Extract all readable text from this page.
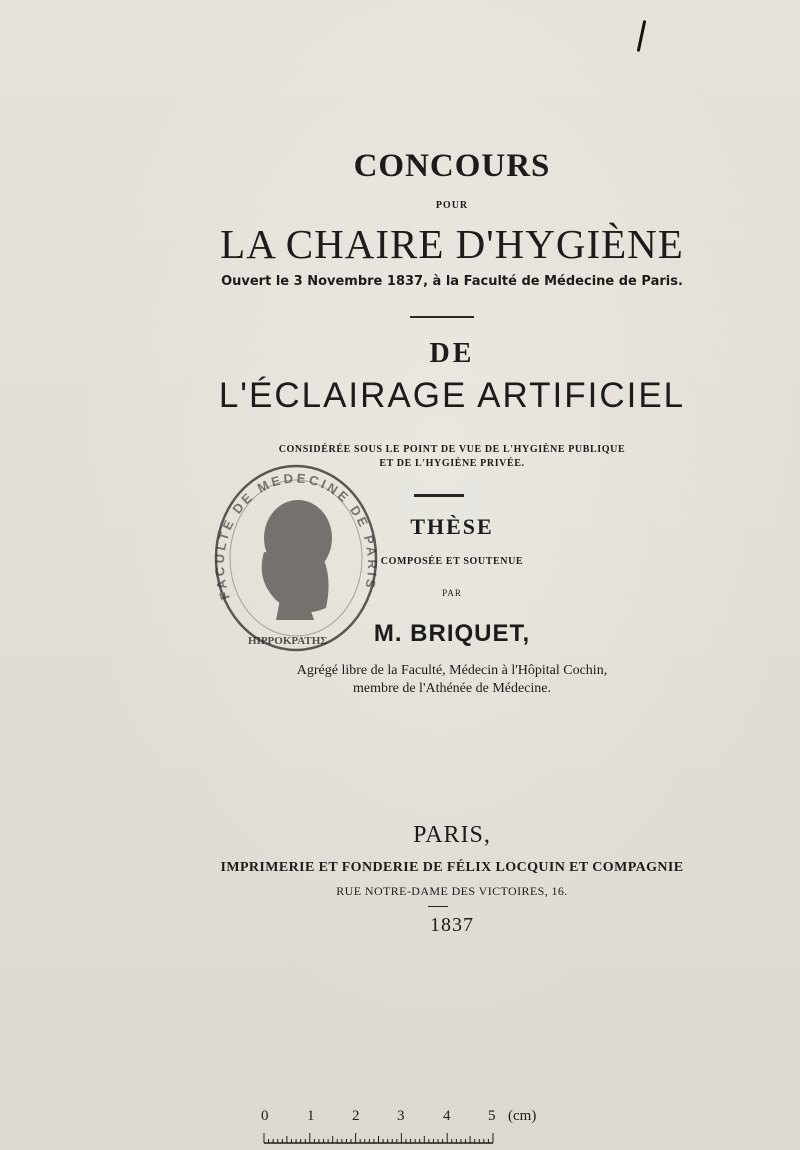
CONCOURS
POUR
LA CHAIRE D'HYGIÈNE
Ouvert le 3 Novembre 1837, à la Faculté de Médecine de Paris.
DE
L'ÉCLAIRAGE ARTIFICIEL
CONSIDÉRÉE SOUS LE POINT DE VUE DE L'HYGIÈNE PUBLIQUE
ET DE L'HYGIÈNE PRIVÉE.
THÈSE
COMPOSÉE ET SOUTENUE
PAR
M. BRIQUET,
Agrégé libre de la Faculté, Médecin à l'Hôpital Cochin,
membre de l'Athénée de Médecine.
FACULTE DE MEDECINE DE PARIS
HIPPOKPATHΣ
PARIS,
IMPRIMERIE ET FONDERIE DE FÉLIX LOCQUIN ET COMPAGNIE
RUE NOTRE-DAME DES VICTOIRES, 16.
1837
0	1	2	3	4	5 (cm)
